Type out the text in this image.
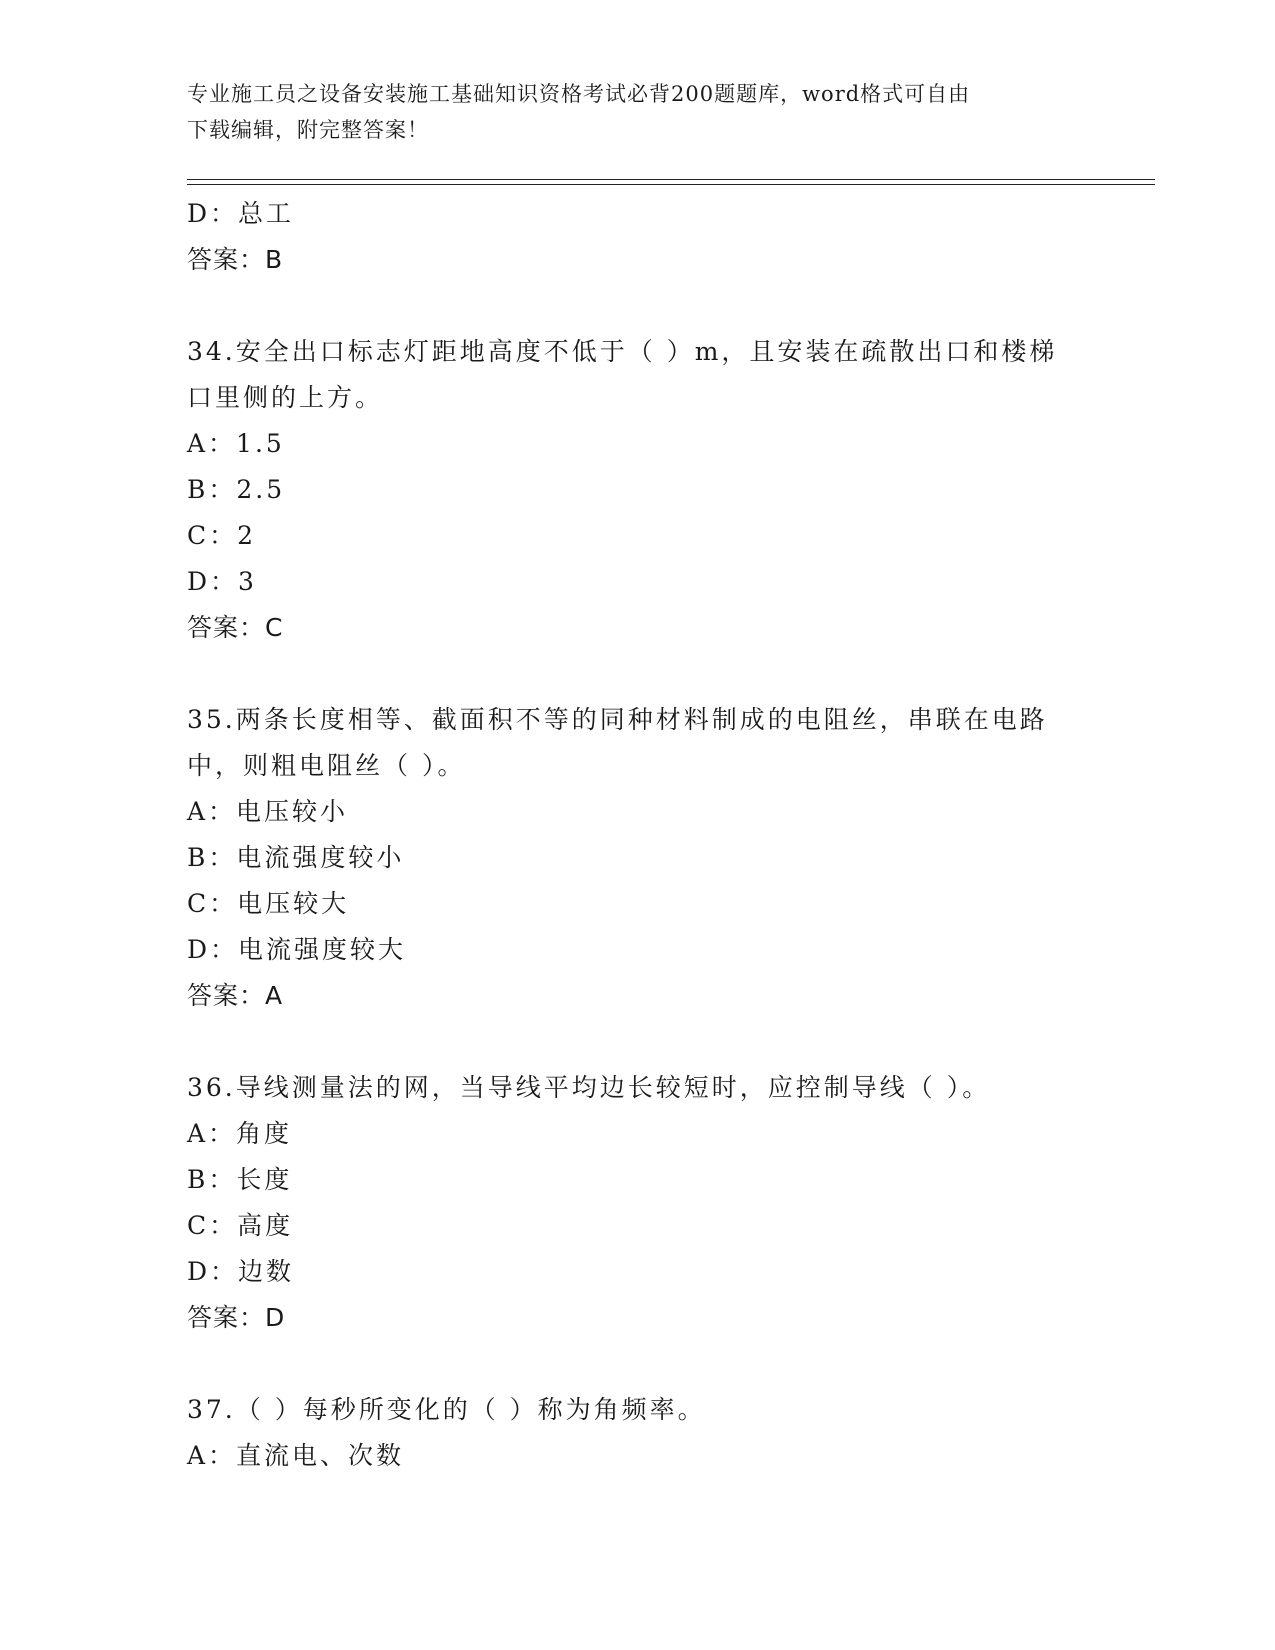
专业施工员之设备安装施工基础知识资格考试必背200题题库，word格式可自由
下载编辑，附完整答案！
D：总工
答案：B
34.安全出口标志灯距地高度不低于（ ）m，且安装在疏散出口和楼梯
口里侧的上方。
A：1.5
B：2.5
C：2
D：3
答案：C
35.两条长度相等、截面积不等的同种材料制成的电阻丝，串联在电路
中，则粗电阻丝（ ）。
A：电压较小
B：电流强度较小
C：电压较大
D：电流强度较大
答案：A
36.导线测量法的网，当导线平均边长较短时，应控制导线（ ）。
A：角度
B：长度
C：高度
D：边数
答案：D
37.（ ）每秒所变化的（ ）称为角频率。
A：直流电、次数
